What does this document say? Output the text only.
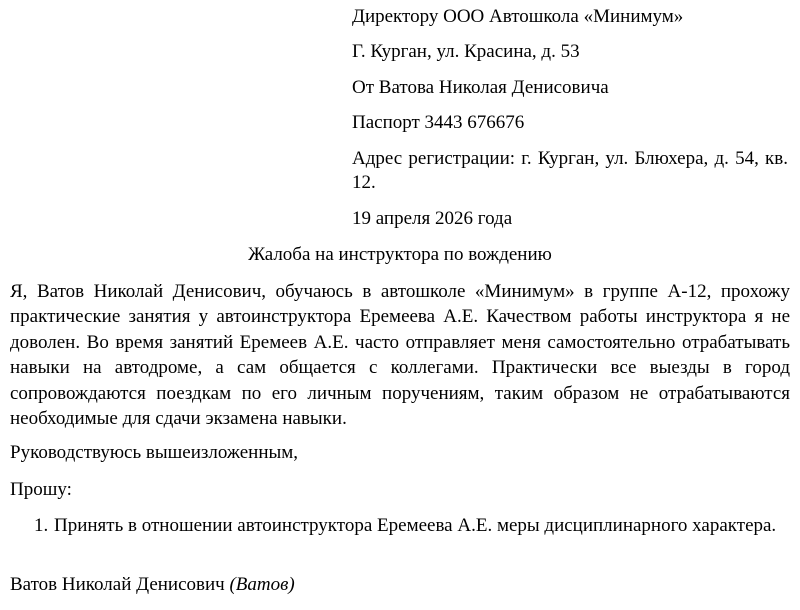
Директору ООО Автошкола «Минимум»
Г. Курган, ул. Красина, д. 53
От Ватова Николая Денисовича
Паспорт 3443 676676
Адрес регистрации: г. Курган, ул. Блюхера, д. 54, кв. 12.
19 апреля 2026 года
Жалоба на инструктора по вождению
Я, Ватов Николай Денисович, обучаюсь в автошколе «Минимум» в группе А-12, прохожу практические занятия у автоинструктора Еремеева А.Е. Качеством работы инструктора я не доволен. Во время занятий Еремеев А.Е. часто отправляет меня самостоятельно отрабатывать навыки на автодроме, а сам общается с коллегами. Практически все выезды в город сопровождаются поездкам по его личным поручениям, таким образом не отрабатываются необходимые для сдачи экзамена навыки.
Руководствуюсь вышеизложенным,
Прошу:
1. Принять в отношении автоинструктора Еремеева А.Е. меры дисциплинарного характера.
Ватов Николай Денисович (Ватов)
